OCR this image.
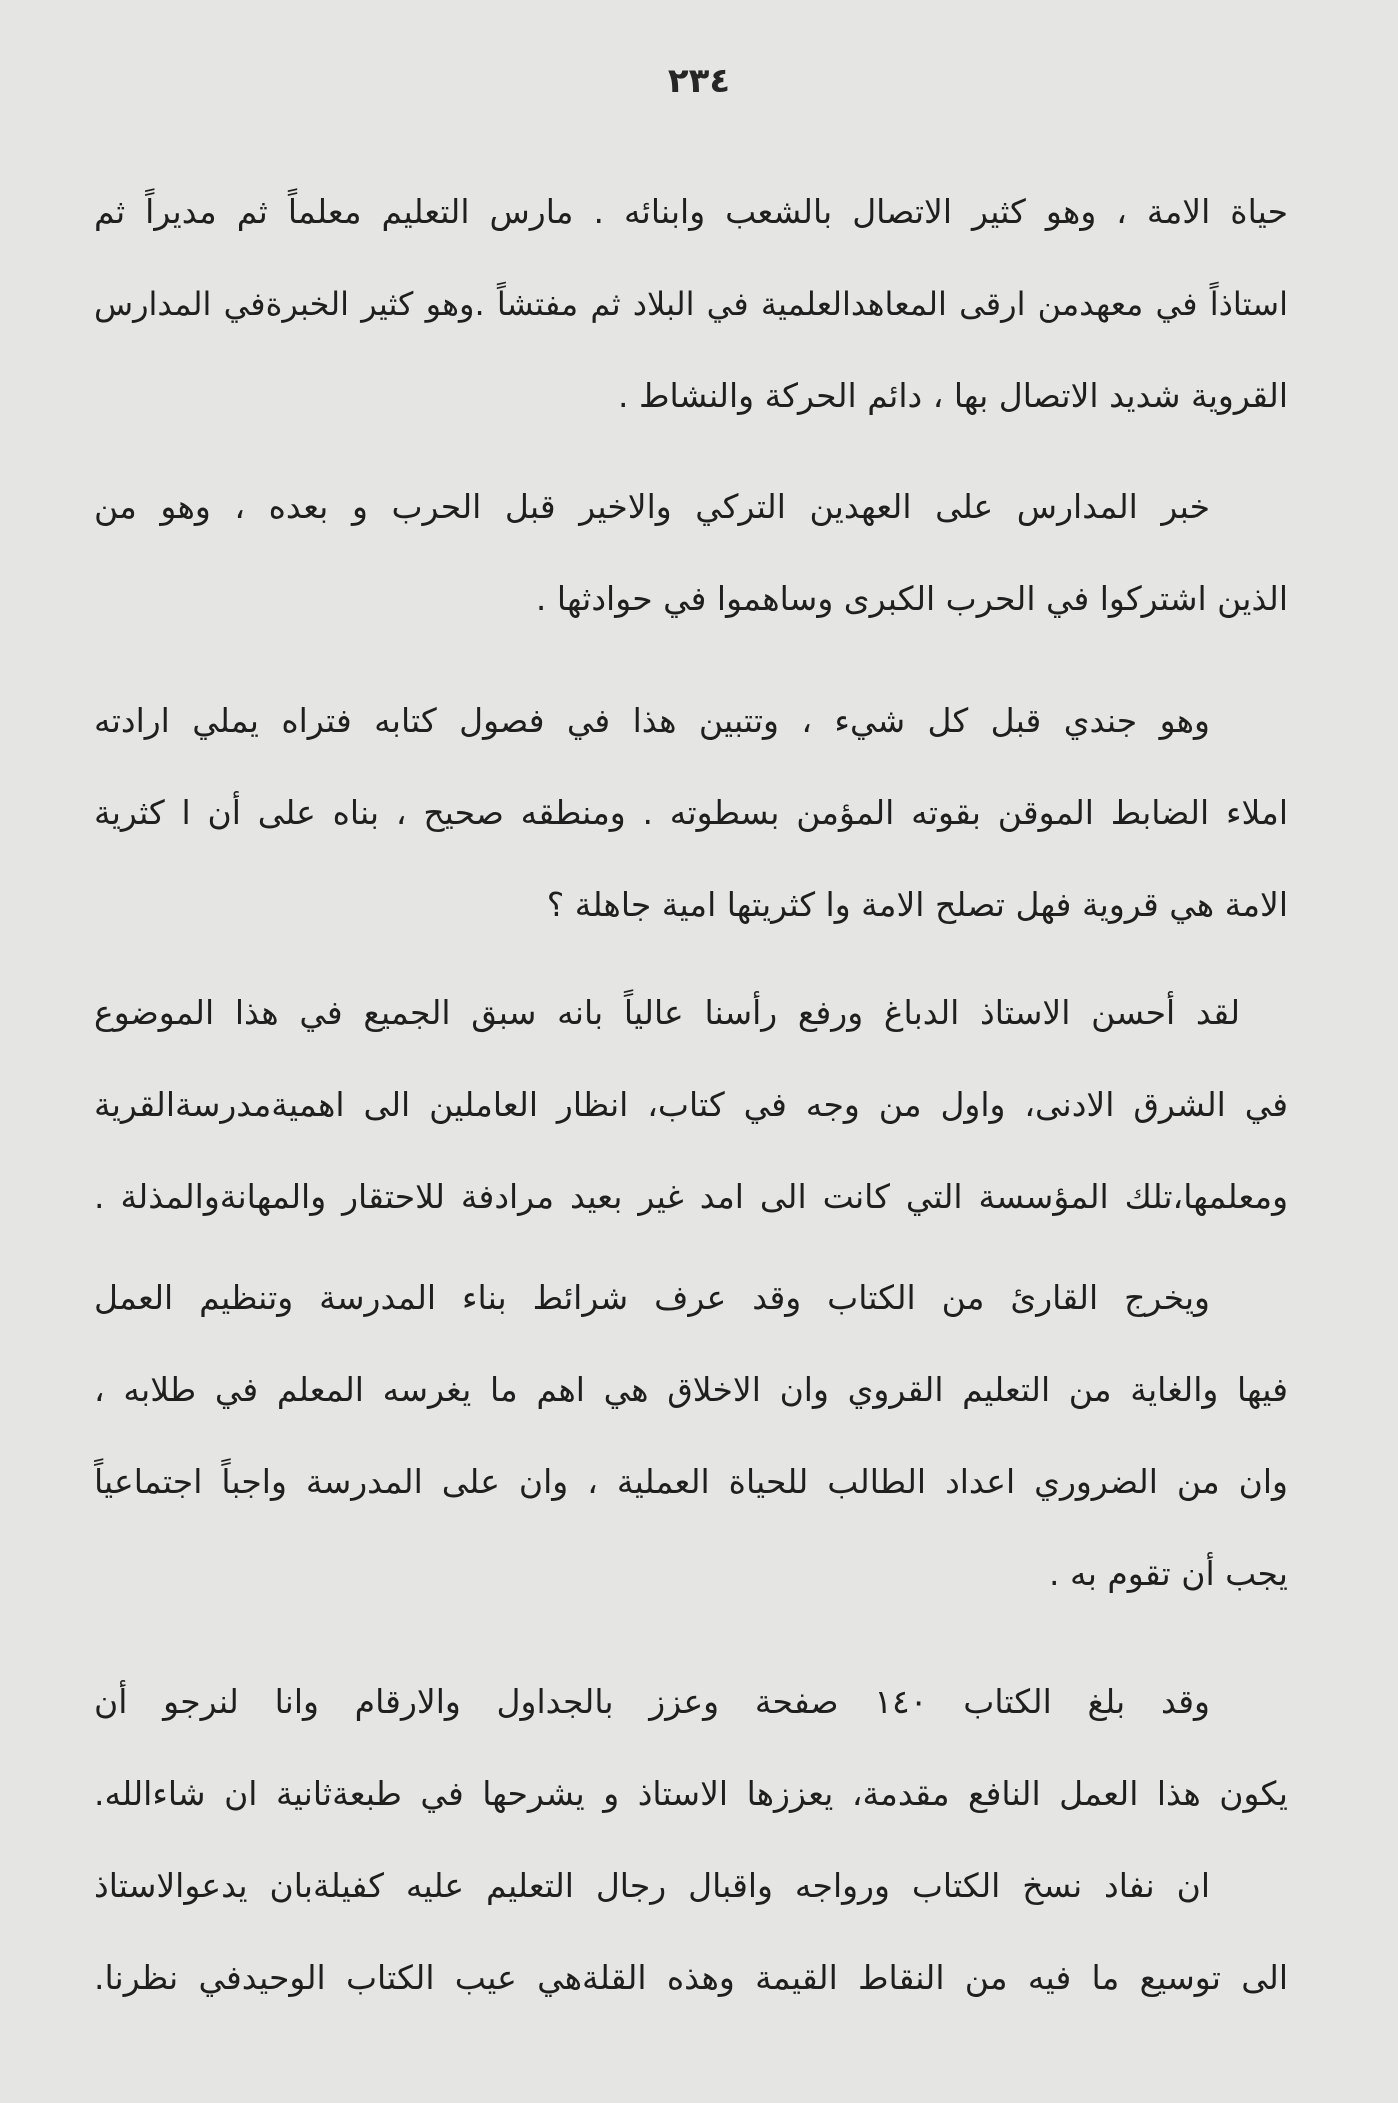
٢٣٤
حياة الامة ، وهو كثير الاتصال بالشعب وابنائه . مارس التعليم معلماً ثم مديراً ثم
استاذاً في معهدمن ارقى المعاهدالعلمية في البلاد ثم مفتشاً .وهو كثير الخبرةفي المدارس
القروية شديد الاتصال بها ، دائم الحركة والنشاط .
خبر المدارس على العهدين التركي والاخير قبل الحرب و بعده ، وهو من
الذين اشتركوا في الحرب الكبرى وساهموا في حوادثها .
وهو جندي قبل كل شيء ، وتتبين هذا في فصول كتابه فتراه يملي ارادته
املاء الضابط الموقن بقوته المؤمن بسطوته . ومنطقه صحيح ، بناه على أن ا كثرية
الامة هي قروية فهل تصلح الامة وا كثريتها امية جاهلة ؟
لقد أحسن الاستاذ الدباغ ورفع رأسنا عالياً بانه سبق الجميع في هذا الموضوع
في الشرق الادنى، واول من وجه في كتاب، انظار العاملين الى اهميةمدرسةالقرية
ومعلمها،تلك المؤسسة التي كانت الى امد غير بعيد مرادفة للاحتقار والمهانةوالمذلة .
ويخرج القارئ من الكتاب وقد عرف شرائط بناء المدرسة وتنظيم العمل
فيها والغاية من التعليم القروي وان الاخلاق هي اهم ما يغرسه المعلم في طلابه ،
وان من الضروري اعداد الطالب للحياة العملية ، وان على المدرسة واجباً اجتماعياً
يجب أن تقوم به .
وقد بلغ الكتاب ١٤٠ صفحة وعزز بالجداول والارقام وانا لنرجو أن
يكون هذا العمل النافع مقدمة، يعززها الاستاذ و يشرحها في طبعةثانية ان شاءالله.
ان نفاد نسخ الكتاب ورواجه واقبال رجال التعليم عليه كفيلةبان يدعوالاستاذ
الى توسيع ما فيه من النقاط القيمة وهذه القلةهي عيب الكتاب الوحيدفي نظرنا.
